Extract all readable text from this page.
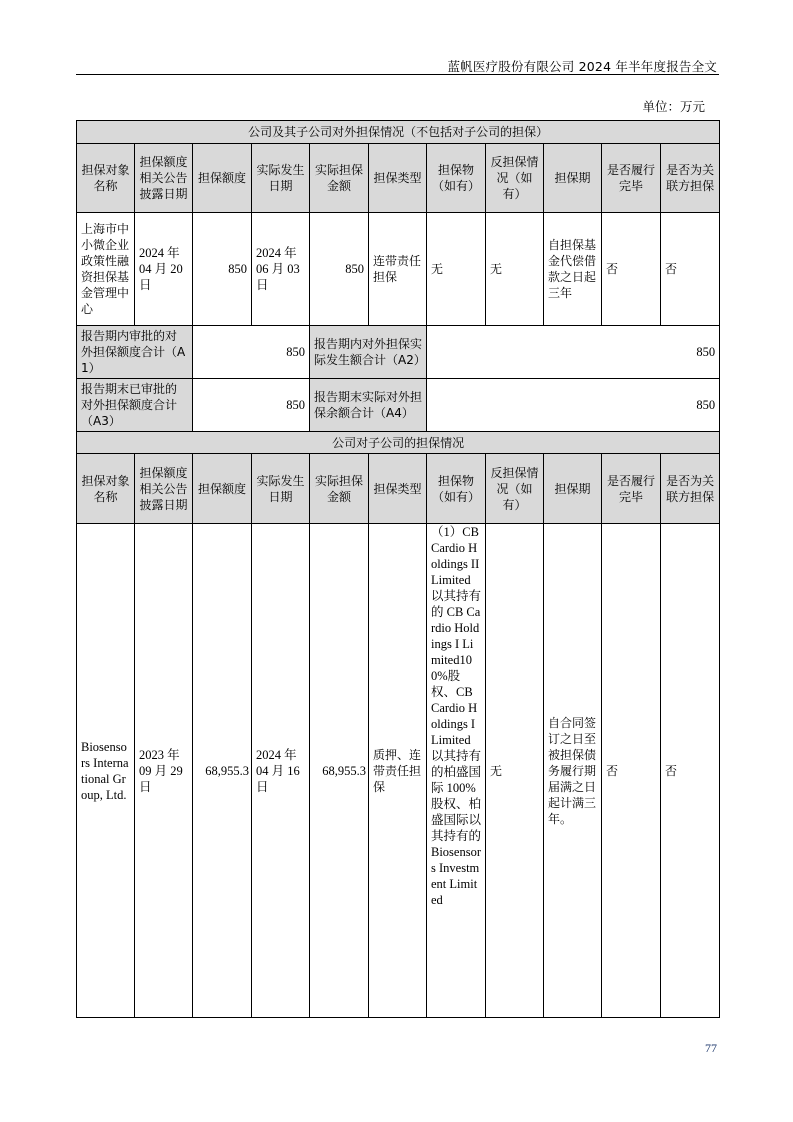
蓝帆医疗股份有限公司 2024 年半年度报告全文
单位：万元
公司及其子公司对外担保情况（不包括对子公司的担保）										
担保对象名称	担保额度相关公告披露日期	担保额度	实际发生日期	实际担保金额	担保类型	担保物（如有）	反担保情况（如有）	担保期	是否履行完毕	是否为关联方担保
上海市中小微企业政策性融资担保基金管理中心	2024 年 04 月 20 日	850	2024 年 06 月 03 日	850	连带责任担保	无	无	自担保基金代偿借款之日起三年	否	否
报告期内审批的对外担保额度合计（A1）		850		报告期内对外担保实际发生额合计（A2）		850				
报告期末已审批的对外担保额度合计（A3）		850		报告期末实际对外担保余额合计（A4）		850				
公司对子公司的担保情况										
担保对象名称	担保额度相关公告披露日期	担保额度	实际发生日期	实际担保金额	担保类型	担保物（如有）	反担保情况（如有）	担保期	是否履行完毕	是否为关联方担保
Biosensors International Group, Ltd.	2023 年 09 月 29 日	68,955.3	2024 年 04 月 16 日	68,955.3	质押、连带责任担保	（1）CB Cardio Holdings II Limited 以其持有的 CB Cardio Holdings I Limited100%股权、CB Cardio Holdings I Limited 以其持有的柏盛国际 100%股权、柏盛国际以其持有的 Biosensors Investment Limited	无	自合同签订之日至被担保债务履行期届满之日起计满三年。	否	否
77
